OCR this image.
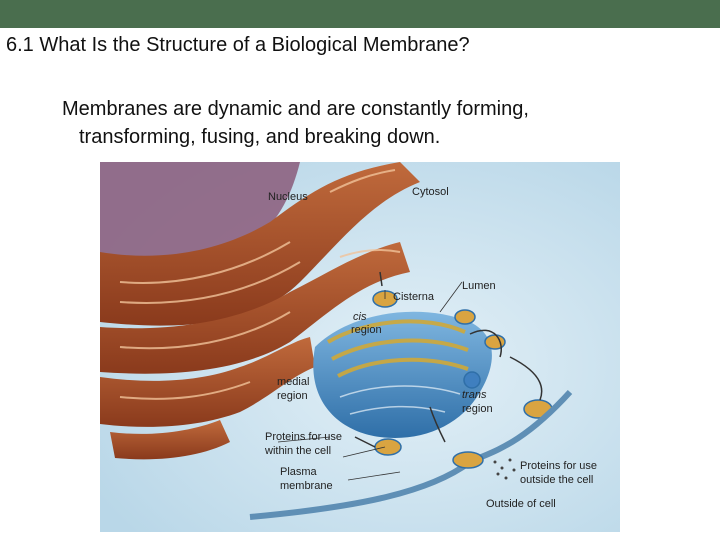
6.1 What Is the Structure of a Biological Membrane?
Membranes are dynamic and are constantly forming,
transforming, fusing, and breaking down.
Nucleus	Cytosol
Lumen
Cisterna
cis
region
medial
region	trans
region
Proteins for use
within the cell
Plasma
membrane
Proteins for use
outside the cell
Outside of cell
